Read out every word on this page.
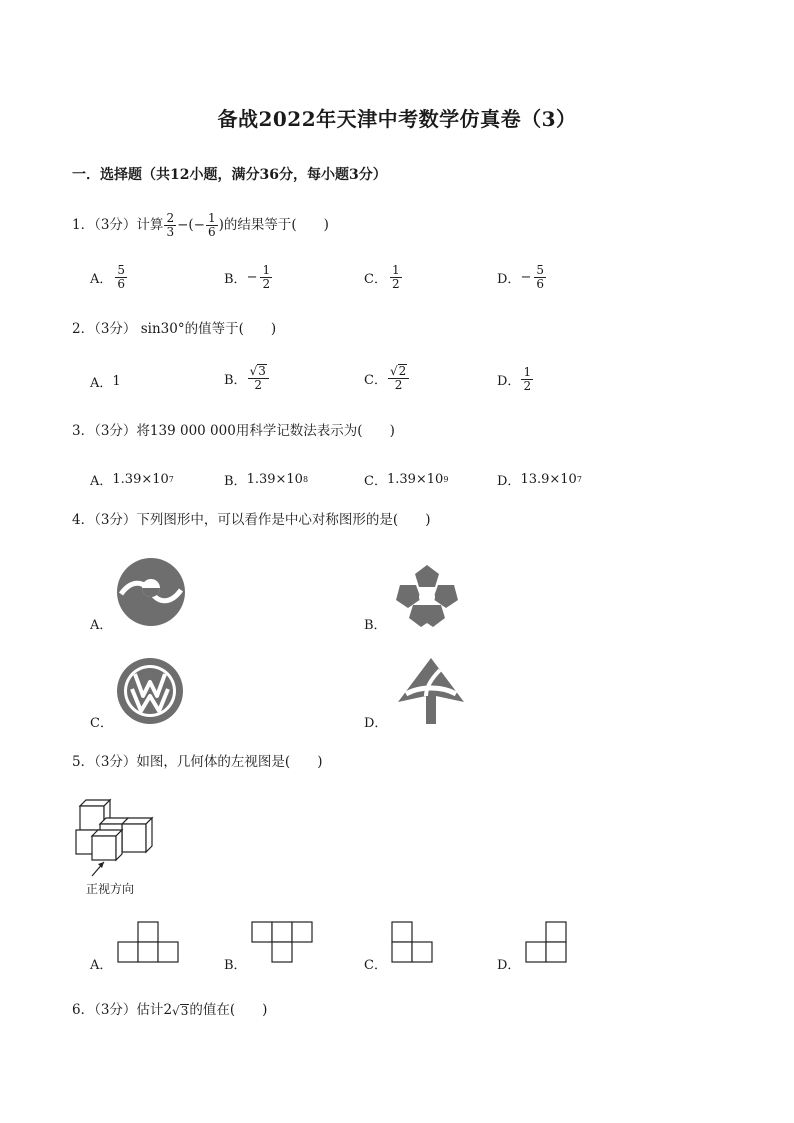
备战2022年天津中考数学仿真卷（3）
一．选择题（共12小题，满分36分，每小题3分）
1．（3分）计算 $\frac{2}{3}$ −(− $\frac{1}{6}$ )的结果等于(　　)
A． $\frac{5}{6}$	B． − $\frac{1}{2}$	C． $\frac{1}{2}$	D． − $\frac{5}{6}$
2．（3分） sin30°的值等于(　　)
A． 1	B． $\frac{√ 3}{2}$	C． $\frac{√ 2}{2}$	D． $\frac{1}{2}$
3．（3分）将139 000 000用科学记数法表示为(　　)
A． 1.39×10 7	B． 1.39×10 8	C． 1.39×10 9	D． 13.9×10 7
4．（3分）下列图形中，可以看作是中心对称图形的是(　　)
A．	B．
C．	D．
5．（3分）如图，几何体的左视图是(　　)
正视方向
A．	B．	C．	D．
6．（3分）估计2 √ 3 的值在(　　)
